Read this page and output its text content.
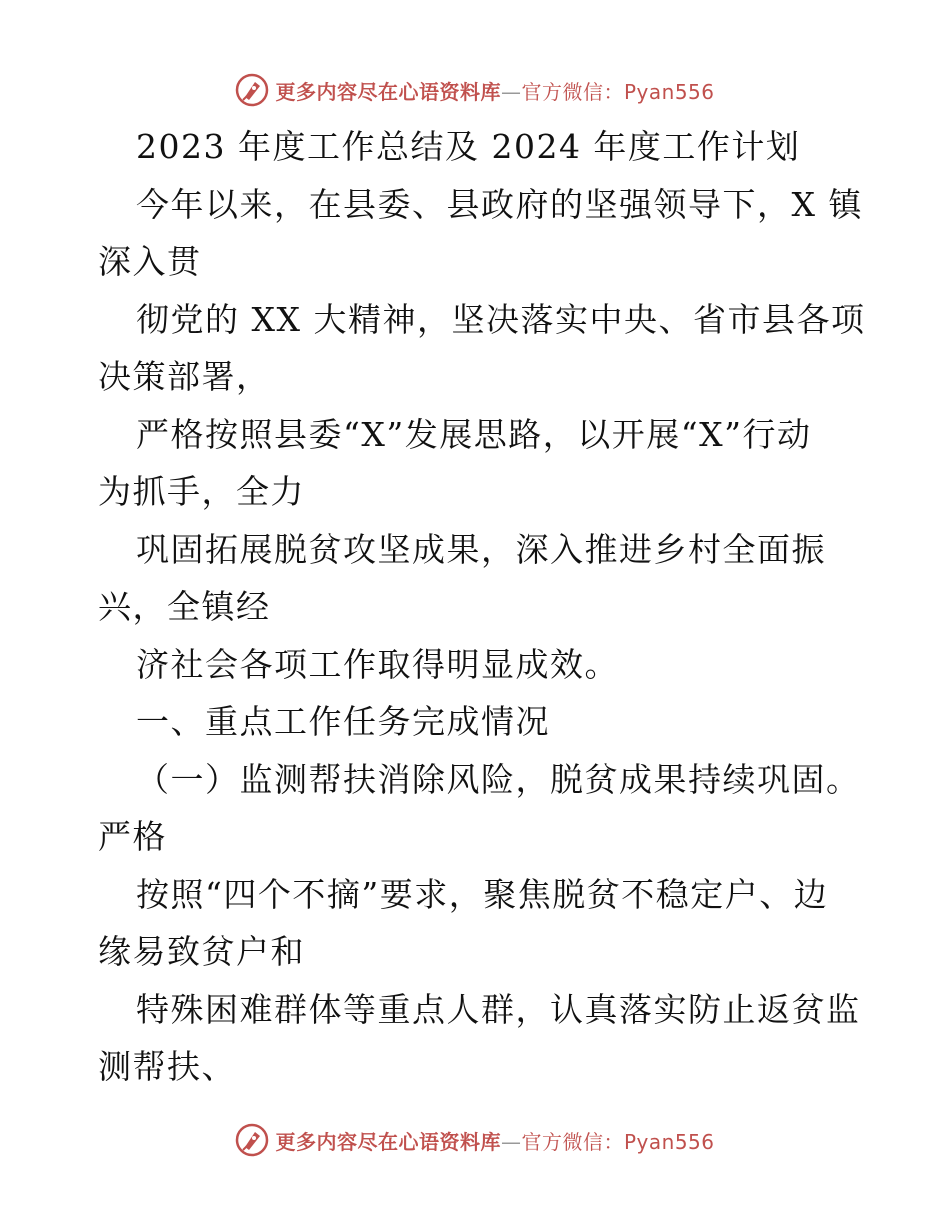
更多内容尽在心语资料库—官方微信：Pyan556
2023 年度工作总结及 2024 年度工作计划
今年以来，在县委、县政府的坚强领导下，X 镇
深入贯
彻党的 XX 大精神，坚决落实中央、省市县各项
决策部署，
严格按照县委“X”发展思路，以开展“X”行动
为抓手，全力
巩固拓展脱贫攻坚成果，深入推进乡村全面振
兴，全镇经
济社会各项工作取得明显成效。
一、重点工作任务完成情况
（一）监测帮扶消除风险，脱贫成果持续巩固。
严格
按照“四个不摘”要求，聚焦脱贫不稳定户、边
缘易致贫户和
特殊困难群体等重点人群，认真落实防止返贫监
测帮扶、
更多内容尽在心语资料库—官方微信：Pyan556
